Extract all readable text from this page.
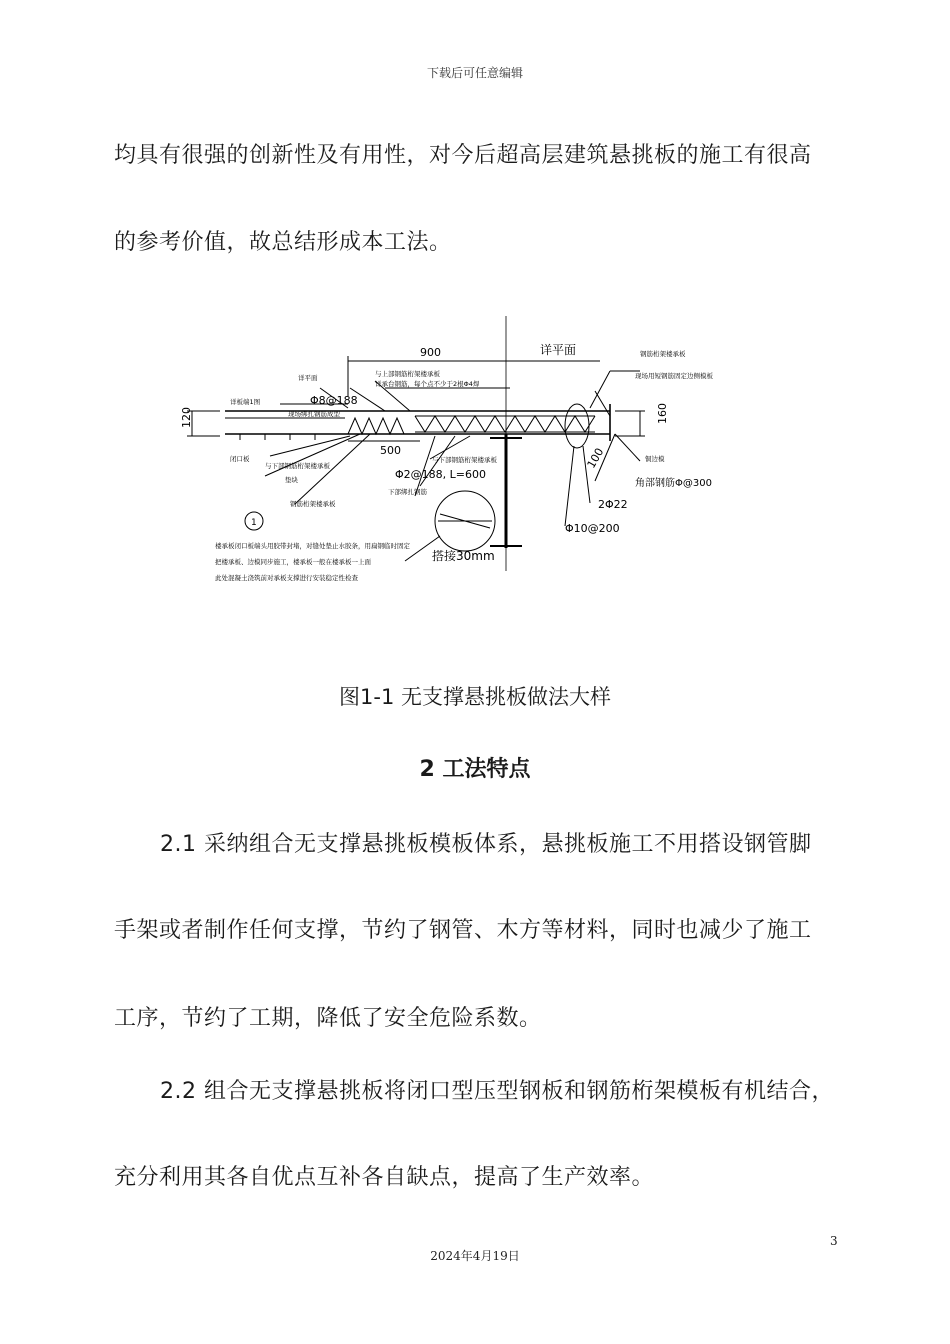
下载后可任意编辑
均具有很强的创新性及有用性，对今后超高层建筑悬挑板的施工有很高
的参考价值，故总结形成本工法。
900	详平面
500
120	160
100
Φ8@188
Φ2@188, L=600
2Φ22
Φ10@200
角部钢筋Φ@300
搭接30mm
1
详平面	与上部钢筋桁架楼承板
详承台钢筋，每个点不少于2根Φ4焊
详板端1图
现场绑扎钢筋成型
闭口板
与下部钢筋桁架楼承板
垫块
钢筋桁架楼承板
钢筋桁架楼承板
现场用短钢筋固定边侧模板
铜边模
与下部钢筋桁架楼承板
下部绑扎钢筋
楼承板闭口板端头用胶带封堵，对缝处垫止水胶条，用扁钢临时固定
把楼承板、边模同步施工，楼承板一般在楼承板一上面
此处混凝土浇筑前对承板支撑进行安装稳定性检查
图1-1 无支撑悬挑板做法大样
2 工法特点
2.1 采纳组合无支撑悬挑板模板体系，悬挑板施工不用搭设钢管脚
手架或者制作任何支撑，节约了钢管、木方等材料，同时也减少了施工
工序，节约了工期，降低了安全危险系数。
2.2 组合无支撑悬挑板将闭口型压型钢板和钢筋桁架模板有机结合，
充分利用其各自优点互补各自缺点，提高了生产效率。
3
2024年4月19日
